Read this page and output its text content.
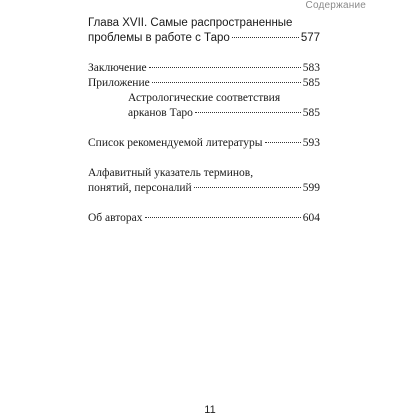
Содержание
Глава XVII. Самые распространенные
проблемы в работе с Таро	577
Заключение	583
Приложение	585
Астрологические соответствия
арканов Таро	585
Список рекомендуемой литературы	593
Алфавитный указатель терминов,
понятий, персоналий	599
Об авторах	604
11
